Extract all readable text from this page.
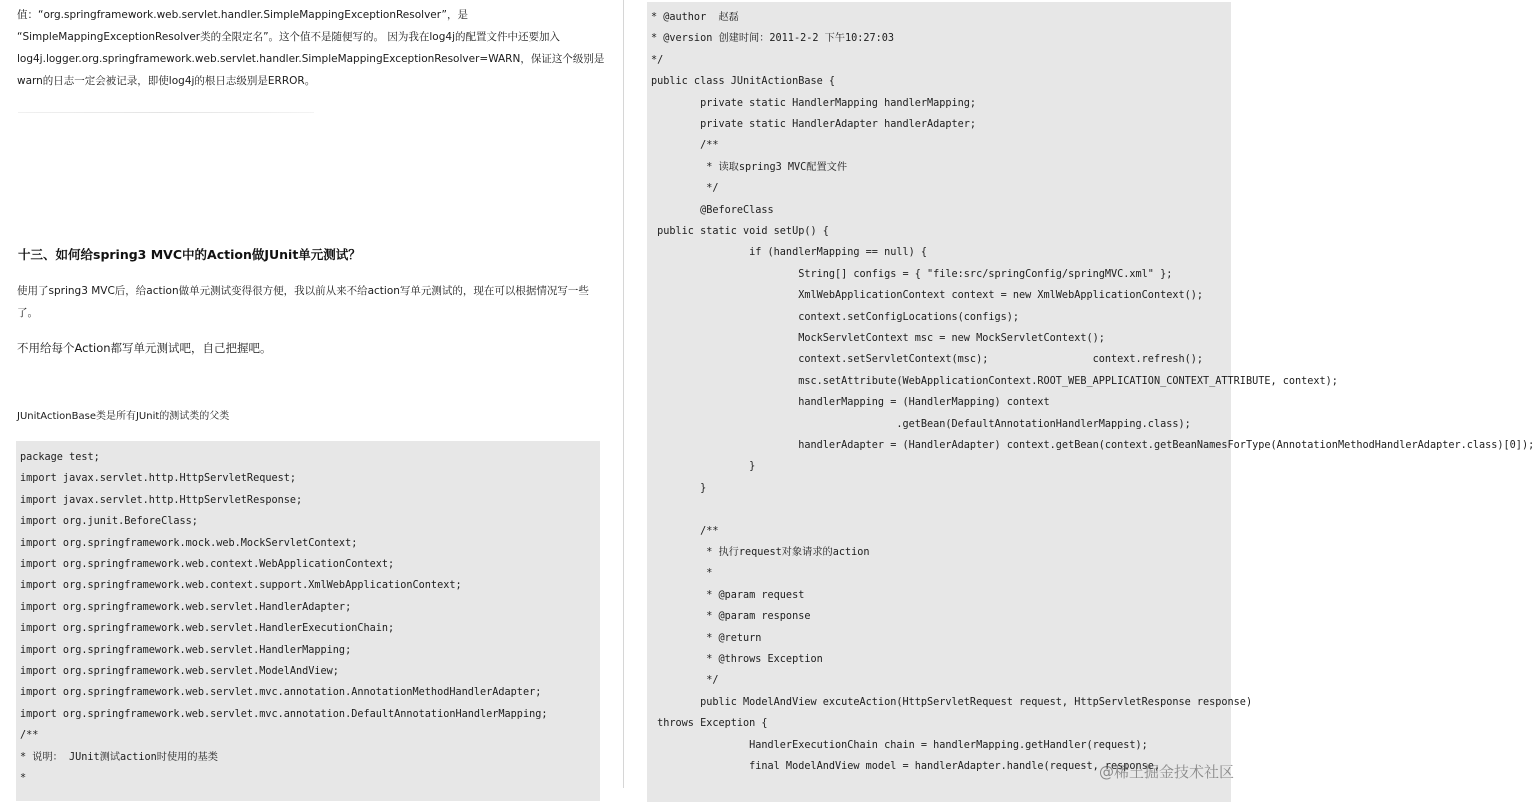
值：“org.springframework.web.servlet.handler.SimpleMappingExceptionResolver”，是
“SimpleMappingExceptionResolver类的全限定名”。这个值不是随便写的。 因为我在log4j的配置文件中还要加入
log4j.logger.org.springframework.web.servlet.handler.SimpleMappingExceptionResolver=WARN，保证这个级别是
warn的日志一定会被记录，即使log4j的根日志级别是ERROR。
十三、如何给spring3 MVC中的Action做JUnit单元测试？
使用了spring3 MVC后，给action做单元测试变得很方便，我以前从来不给action写单元测试的，现在可以根据情况写一些
了。
不用给每个Action都写单元测试吧，自己把握吧。
JUnitActionBase类是所有JUnit的测试类的父类
package test;
import javax.servlet.http.HttpServletRequest;
import javax.servlet.http.HttpServletResponse;
import org.junit.BeforeClass;
import org.springframework.mock.web.MockServletContext;
import org.springframework.web.context.WebApplicationContext;
import org.springframework.web.context.support.XmlWebApplicationContext;
import org.springframework.web.servlet.HandlerAdapter;
import org.springframework.web.servlet.HandlerExecutionChain;
import org.springframework.web.servlet.HandlerMapping;
import org.springframework.web.servlet.ModelAndView;
import org.springframework.web.servlet.mvc.annotation.AnnotationMethodHandlerAdapter;
import org.springframework.web.servlet.mvc.annotation.DefaultAnnotationHandlerMapping;
/**
* 说明： JUnit测试action时使用的基类
*
* @author  赵磊
* @version 创建时间：2011-2-2 下午10:27:03
*/
public class JUnitActionBase {
private static HandlerMapping handlerMapping;
private static HandlerAdapter handlerAdapter;
/**
* 读取spring3 MVC配置文件
*/
@BeforeClass
public static void setUp() {
if (handlerMapping == null) {
String[] configs = { "file:src/springConfig/springMVC.xml" };
XmlWebApplicationContext context = new XmlWebApplicationContext();
context.setConfigLocations(configs);
MockServletContext msc = new MockServletContext();
context.setServletContext(msc);                 context.refresh();
msc.setAttribute(WebApplicationContext.ROOT_WEB_APPLICATION_CONTEXT_ATTRIBUTE, context);
handlerMapping = (HandlerMapping) context
.getBean(DefaultAnnotationHandlerMapping.class);
handlerAdapter = (HandlerAdapter) context.getBean(context.getBeanNamesForType(AnnotationMethodHandlerAdapter.class)[0]);
}
}
/**
* 执行request对象请求的action
*
* @param request
* @param response
* @return
* @throws Exception
*/
public ModelAndView excuteAction(HttpServletRequest request, HttpServletResponse response)
throws Exception {
HandlerExecutionChain chain = handlerMapping.getHandler(request);
final ModelAndView model = handlerAdapter.handle(request, response,
@稀土掘金技术社区
